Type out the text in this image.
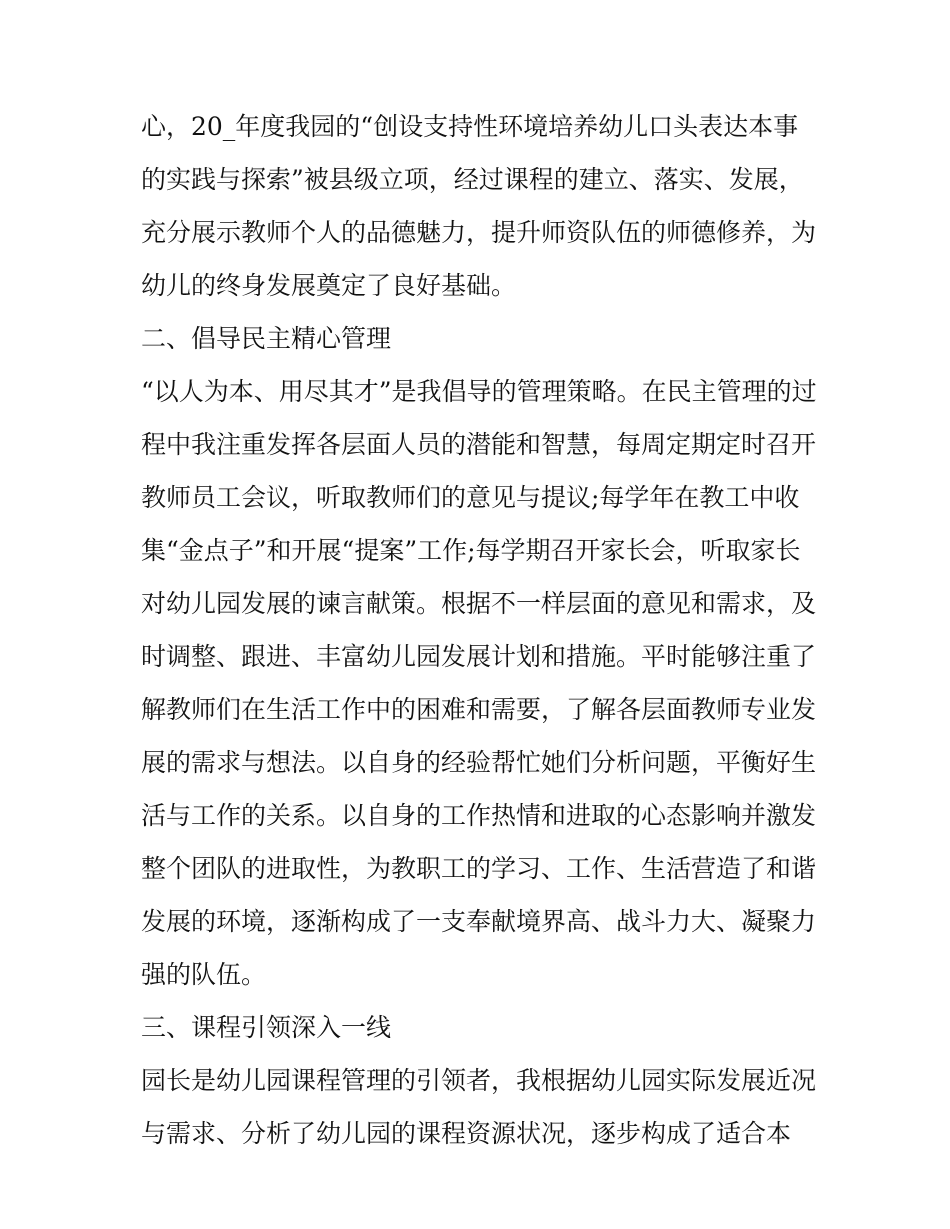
心，20_年度我园的“创设支持性环境培养幼儿口头表达本事
的实践与探索”被县级立项，经过课程的建立、落实、发展，
充分展示教师个人的品德魅力，提升师资队伍的师德修养，为
幼儿的终身发展奠定了良好基础。
二、倡导民主精心管理
“以人为本、用尽其才”是我倡导的管理策略。在民主管理的过
程中我注重发挥各层面人员的潜能和智慧，每周定期定时召开
教师员工会议，听取教师们的意见与提议;每学年在教工中收
集“金点子”和开展“提案”工作;每学期召开家长会，听取家长
对幼儿园发展的谏言献策。根据不一样层面的意见和需求，及
时调整、跟进、丰富幼儿园发展计划和措施。平时能够注重了
解教师们在生活工作中的困难和需要，了解各层面教师专业发
展的需求与想法。以自身的经验帮忙她们分析问题，平衡好生
活与工作的关系。以自身的工作热情和进取的心态影响并激发
整个团队的进取性，为教职工的学习、工作、生活营造了和谐
发展的环境，逐渐构成了一支奉献境界高、战斗力大、凝聚力
强的队伍。
三、课程引领深入一线
园长是幼儿园课程管理的引领者，我根据幼儿园实际发展近况
与需求、分析了幼儿园的课程资源状况，逐步构成了适合本
